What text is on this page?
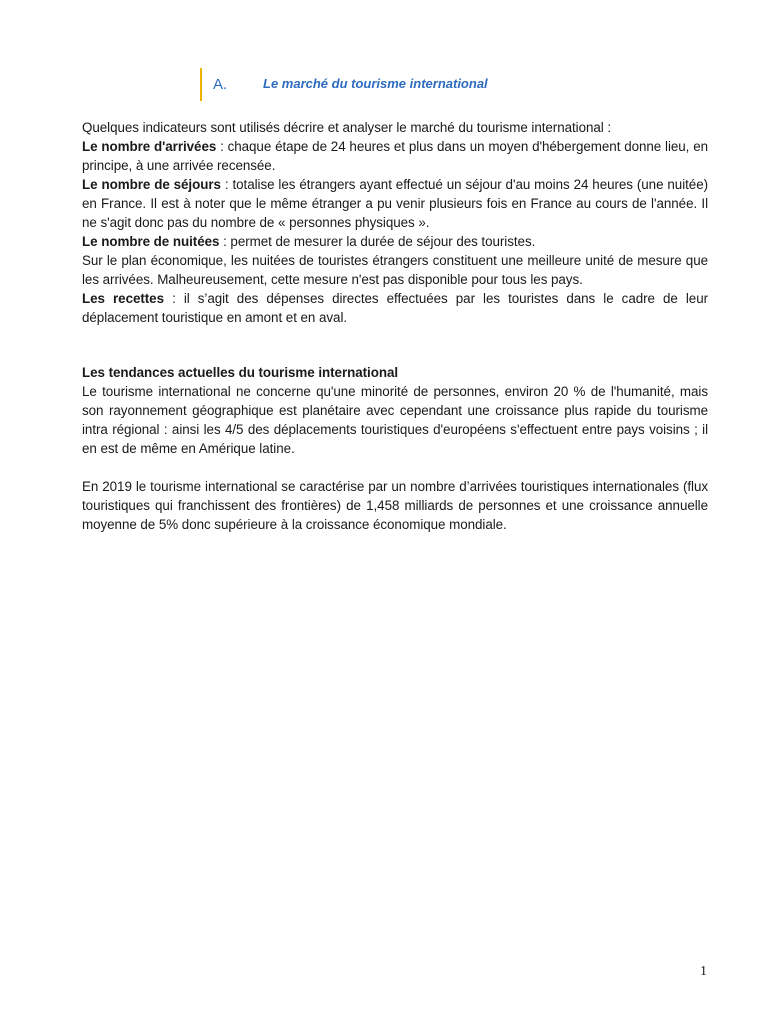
A.	Le marché du tourisme international

Quelques indicateurs sont utilisés décrire et analyser le marché du tourisme international :

Le nombre d'arrivées : chaque étape de 24 heures et plus dans un moyen d'hébergement donne lieu, en principe, à une arrivée recensée.

Le nombre de séjours : totalise les étrangers ayant effectué un séjour d'au moins 24 heures (une nuitée) en France. Il est à noter que le même étranger a pu venir plusieurs fois en France au cours de l'année. Il ne s'agit donc pas du nombre de « personnes physiques ».

Le nombre de nuitées : permet de mesurer la durée de séjour des touristes.

Sur le plan économique, les nuitées de touristes étrangers constituent une meilleure unité de mesure que les arrivées. Malheureusement, cette mesure n'est pas disponible pour tous les pays.

Les recettes : il s’agit des dépenses directes effectuées par les touristes dans le cadre de leur déplacement touristique en amont et en aval.

Les tendances actuelles du tourisme international

Le tourisme international ne concerne qu'une minorité de personnes, environ 20 % de l'humanité, mais son rayonnement géographique est planétaire avec cependant une croissance plus rapide du tourisme intra régional : ainsi les 4/5 des déplacements touristiques d'européens s'effectuent entre pays voisins ; il en est de même en Amérique latine.

En 2019 le tourisme international se caractérise par un nombre d’arrivées touristiques internationales (flux touristiques qui franchissent des frontières) de 1,458 milliards de personnes et une croissance annuelle moyenne de 5% donc supérieure à la croissance économique mondiale.

1
